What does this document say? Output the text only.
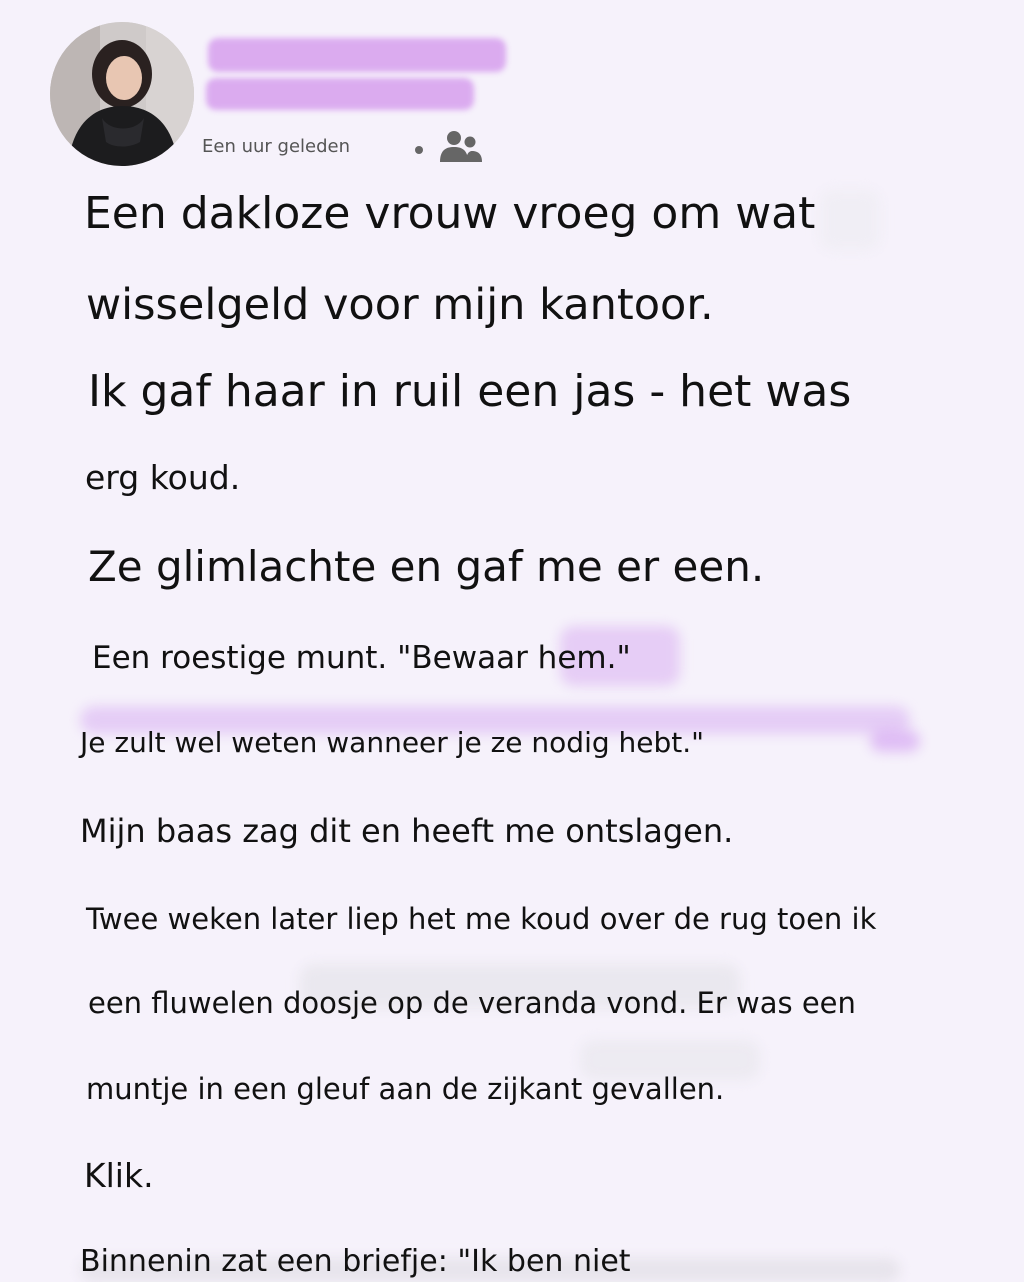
Een uur geleden
Een dakloze vrouw vroeg om wat
wisselgeld voor mijn kantoor.
Ik gaf haar in ruil een jas - het was
erg koud.
Ze glimlachte en gaf me er een.
Een roestige munt. "Bewaar hem."
Je zult wel weten wanneer je ze nodig hebt."
Mijn baas zag dit en heeft me ontslagen.
Twee weken later liep het me koud over de rug toen ik
een fluwelen doosje op de veranda vond. Er was een
muntje in een gleuf aan de zijkant gevallen.
Klik.
Binnenin zat een briefje: "Ik ben niet
